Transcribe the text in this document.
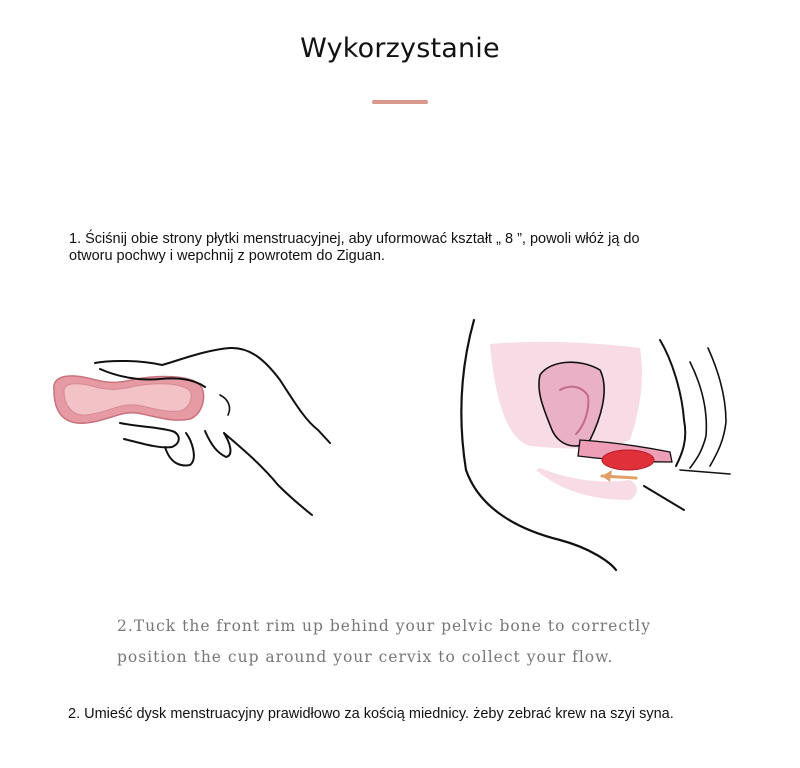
Wykorzystanie
1. Ściśnij obie strony płytki menstruacyjnej, aby uformować kształt „ 8 ”, powoli włóż ją do
otworu pochwy i wepchnij z powrotem do Ziguan.
2.Tuck the front rim up behind your pelvic bone to correctly
position the cup around your cervix to collect your flow.
2. Umieść dysk menstruacyjny prawidłowo za kością miednicy. żeby zebrać krew na szyi syna.
